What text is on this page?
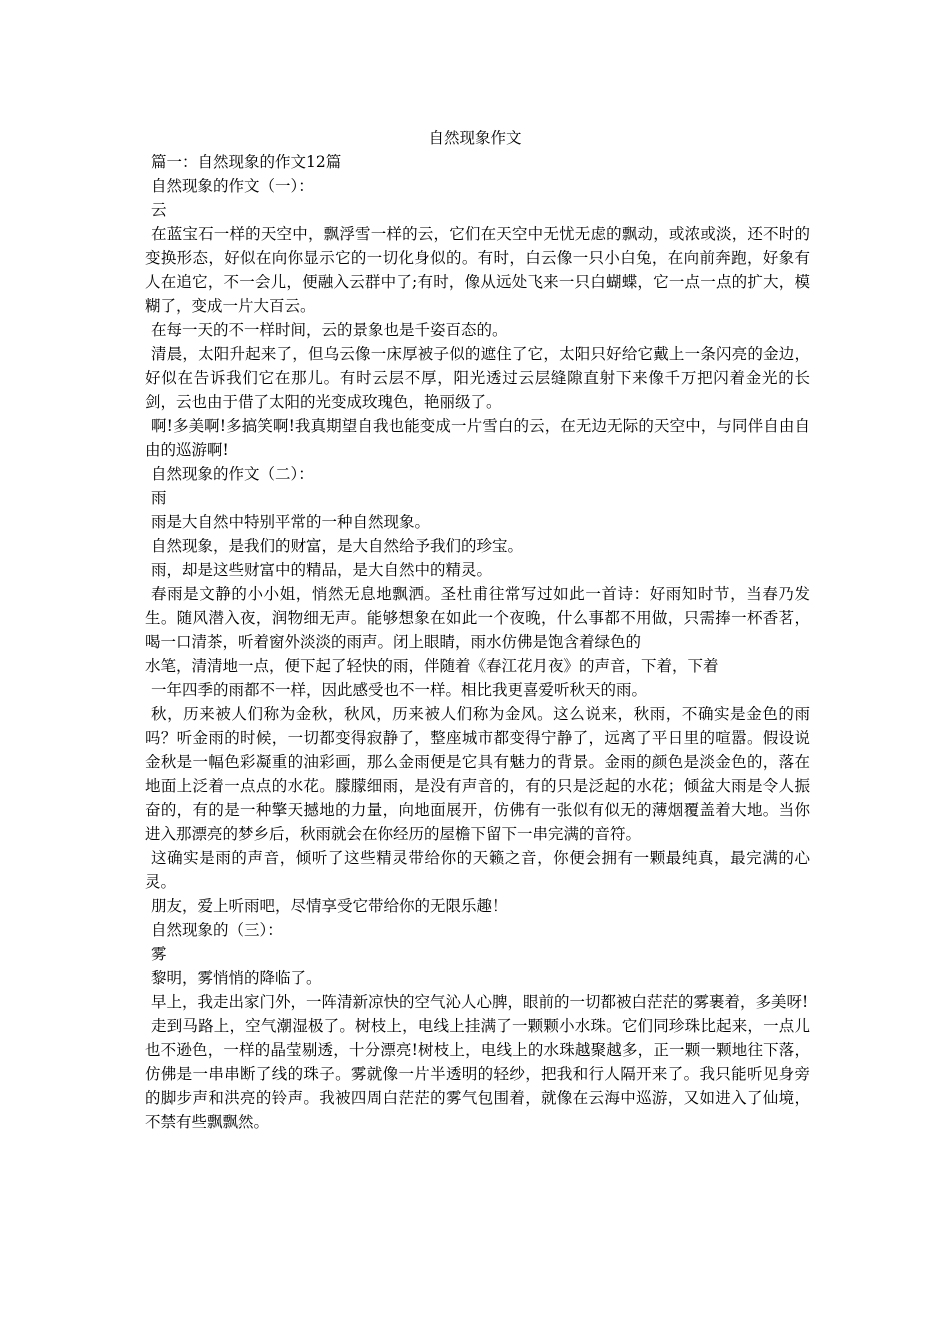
自然现象作文

篇一：自然现象的作文12篇

自然现象的作文（一）：

云

在蓝宝石一样的天空中，飘浮雪一样的云，它们在天空中无忧无虑的飘动，或浓或淡，还不时的变换形态，好似在向你显示它的一切化身似的。有时，白云像一只小白兔，在向前奔跑，好象有人在追它，不一会儿，便融入云群中了;有时，像从远处飞来一只白蝴蝶，它一点一点的扩大，模糊了，变成一片大百云。

在每一天的不一样时间，云的景象也是千姿百态的。

清晨，太阳升起来了，但乌云像一床厚被子似的遮住了它，太阳只好给它戴上一条闪亮的金边，好似在告诉我们它在那儿。有时云层不厚，阳光透过云层缝隙直射下来像千万把闪着金光的长剑，云也由于借了太阳的光变成玫瑰色，艳丽级了。

啊!多美啊!多搞笑啊!我真期望自我也能变成一片雪白的云，在无边无际的天空中，与同伴自由自由的巡游啊!

自然现象的作文（二）：

雨

雨是大自然中特别平常的一种自然现象。

自然现象，是我们的财富，是大自然给予我们的珍宝。

雨，却是这些财富中的精品，是大自然中的精灵。

春雨是文静的小小姐，悄然无息地飘洒。圣杜甫往常写过如此一首诗：好雨知时节，当春乃发生。随风潜入夜，润物细无声。能够想象在如此一个夜晚，什么事都不用做，只需捧一杯香茗，喝一口清茶，听着窗外淡淡的雨声。闭上眼睛，雨水仿佛是饱含着绿色的

水笔，清清地一点，便下起了轻快的雨，伴随着《春江花月夜》的声音，下着，下着

一年四季的雨都不一样，因此感受也不一样。相比我更喜爱听秋天的雨。

秋，历来被人们称为金秋，秋风，历来被人们称为金风。这么说来，秋雨，不确实是金色的雨吗？听金雨的时候，一切都变得寂静了，整座城市都变得宁静了，远离了平日里的喧嚣。假设说金秋是一幅色彩凝重的油彩画，那么金雨便是它具有魅力的背景。金雨的颜色是淡金色的，落在地面上泛着一点点的水花。朦朦细雨，是没有声音的，有的只是泛起的水花；倾盆大雨是令人振奋的，有的是一种擎天撼地的力量，向地面展开，仿佛有一张似有似无的薄烟覆盖着大地。当你进入那漂亮的梦乡后，秋雨就会在你经历的屋檐下留下一串完满的音符。

这确实是雨的声音，倾听了这些精灵带给你的天籁之音，你便会拥有一颗最纯真，最完满的心灵。

朋友，爱上听雨吧，尽情享受它带给你的无限乐趣！

自然现象的（三）：

雾

黎明，雾悄悄的降临了。

早上，我走出家门外，一阵清新凉快的空气沁人心脾，眼前的一切都被白茫茫的雾裹着，多美呀!

走到马路上，空气潮湿极了。树枝上，电线上挂满了一颗颗小水珠。它们同珍珠比起来，一点儿也不逊色，一样的晶莹剔透，十分漂亮!树枝上，电线上的水珠越聚越多，正一颗一颗地往下落，仿佛是一串串断了线的珠子。雾就像一片半透明的轻纱，把我和行人隔开来了。我只能听见身旁的脚步声和洪亮的铃声。我被四周白茫茫的雾气包围着，就像在云海中巡游，又如进入了仙境，不禁有些飘飘然。
